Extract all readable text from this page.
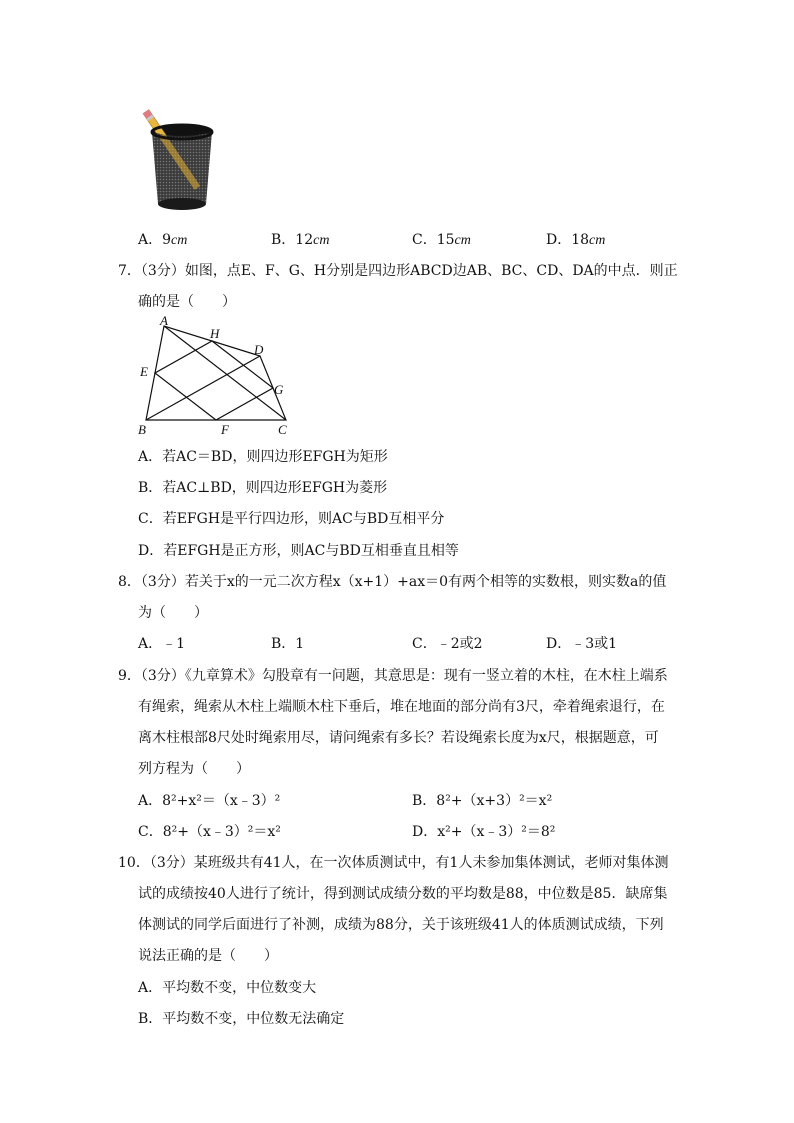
A．9cm	B．12cm	C．15cm	D．18cm
7．（3分）如图，点E、F、G、H分别是四边形ABCD边AB、BC、CD、DA的中点．则正
确的是（　　）
A
B	C
D
E
F
G
H
A．若AC＝BD，则四边形EFGH为矩形
B．若AC⊥BD，则四边形EFGH为菱形
C．若EFGH是平行四边形，则AC与BD互相平分
D．若EFGH是正方形，则AC与BD互相垂直且相等
8．（3分）若关于x的一元二次方程x（x+1）+ax＝0有两个相等的实数根，则实数a的值
为（　　）
A．﹣1	B．1	C．﹣2或2	D．﹣3或1
9．（3分）《九章算术》勾股章有一问题，其意思是：现有一竖立着的木柱，在木柱上端系
有绳索，绳索从木柱上端顺木柱下垂后，堆在地面的部分尚有3尺，牵着绳索退行，在
离木柱根部8尺处时绳索用尽，请问绳索有多长？若设绳索长度为x尺，根据题意，可
列方程为（　　）
A．8²+x²＝（x﹣3）²	B．8²+（x+3）²＝x²
C．8²+（x﹣3）²＝x²	D．x²+（x﹣3）²＝8²
10．（3分）某班级共有41人，在一次体质测试中，有1人未参加集体测试，老师对集体测
试的成绩按40人进行了统计，得到测试成绩分数的平均数是88，中位数是85．缺席集
体测试的同学后面进行了补测，成绩为88分，关于该班级41人的体质测试成绩，下列
说法正确的是（　　）
A．平均数不变，中位数变大
B．平均数不变，中位数无法确定
